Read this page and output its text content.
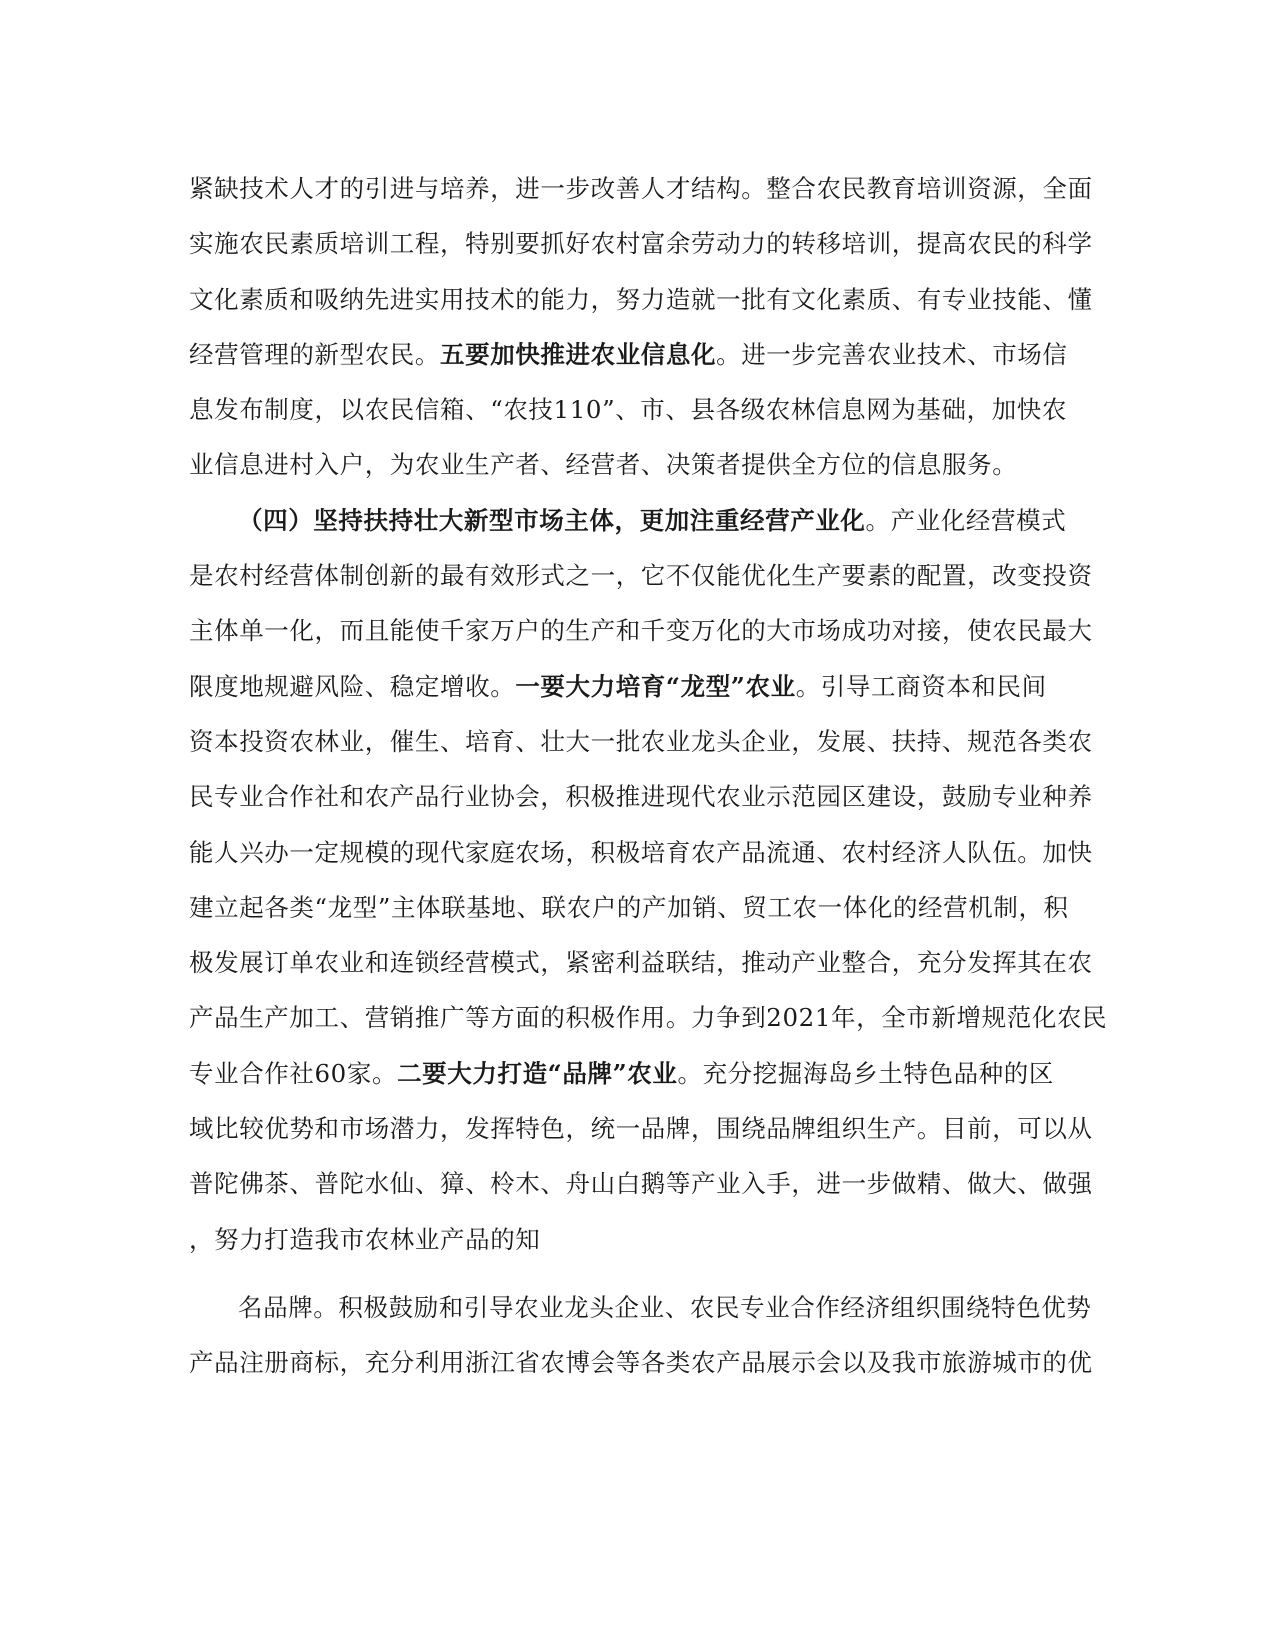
紧缺技术人才的引进与培养，进一步改善人才结构。整合农民教育培训资源，全面
实施农民素质培训工程，特别要抓好农村富余劳动力的转移培训，提高农民的科学
文化素质和吸纳先进实用技术的能力，努力造就一批有文化素质、有专业技能、懂
经营管理的新型农民。五要加快推进农业信息化。进一步完善农业技术、市场信
息发布制度，以农民信箱、“农技110”、市、县各级农林信息网为基础，加快农
业信息进村入户，为农业生产者、经营者、决策者提供全方位的信息服务。
（四）坚持扶持壮大新型市场主体，更加注重经营产业化。产业化经营模式
是农村经营体制创新的最有效形式之一，它不仅能优化生产要素的配置，改变投资
主体单一化，而且能使千家万户的生产和千变万化的大市场成功对接，使农民最大
限度地规避风险、稳定增收。一要大力培育“龙型”农业。引导工商资本和民间
资本投资农林业，催生、培育、壮大一批农业龙头企业，发展、扶持、规范各类农
民专业合作社和农产品行业协会，积极推进现代农业示范园区建设，鼓励专业种养
能人兴办一定规模的现代家庭农场，积极培育农产品流通、农村经济人队伍。加快
建立起各类“龙型”主体联基地、联农户的产加销、贸工农一体化的经营机制，积
极发展订单农业和连锁经营模式，紧密利益联结，推动产业整合，充分发挥其在农
产品生产加工、营销推广等方面的积极作用。力争到2021年，全市新增规范化农民
专业合作社60家。二要大力打造“品牌”农业。充分挖掘海岛乡土特色品种的区
域比较优势和市场潜力，发挥特色，统一品牌，围绕品牌组织生产。目前，可以从
普陀佛茶、普陀水仙、獐、柃木、舟山白鹅等产业入手，进一步做精、做大、做强
，努力打造我市农林业产品的知
名品牌。积极鼓励和引导农业龙头企业、农民专业合作经济组织围绕特色优势
产品注册商标，充分利用浙江省农博会等各类农产品展示会以及我市旅游城市的优
